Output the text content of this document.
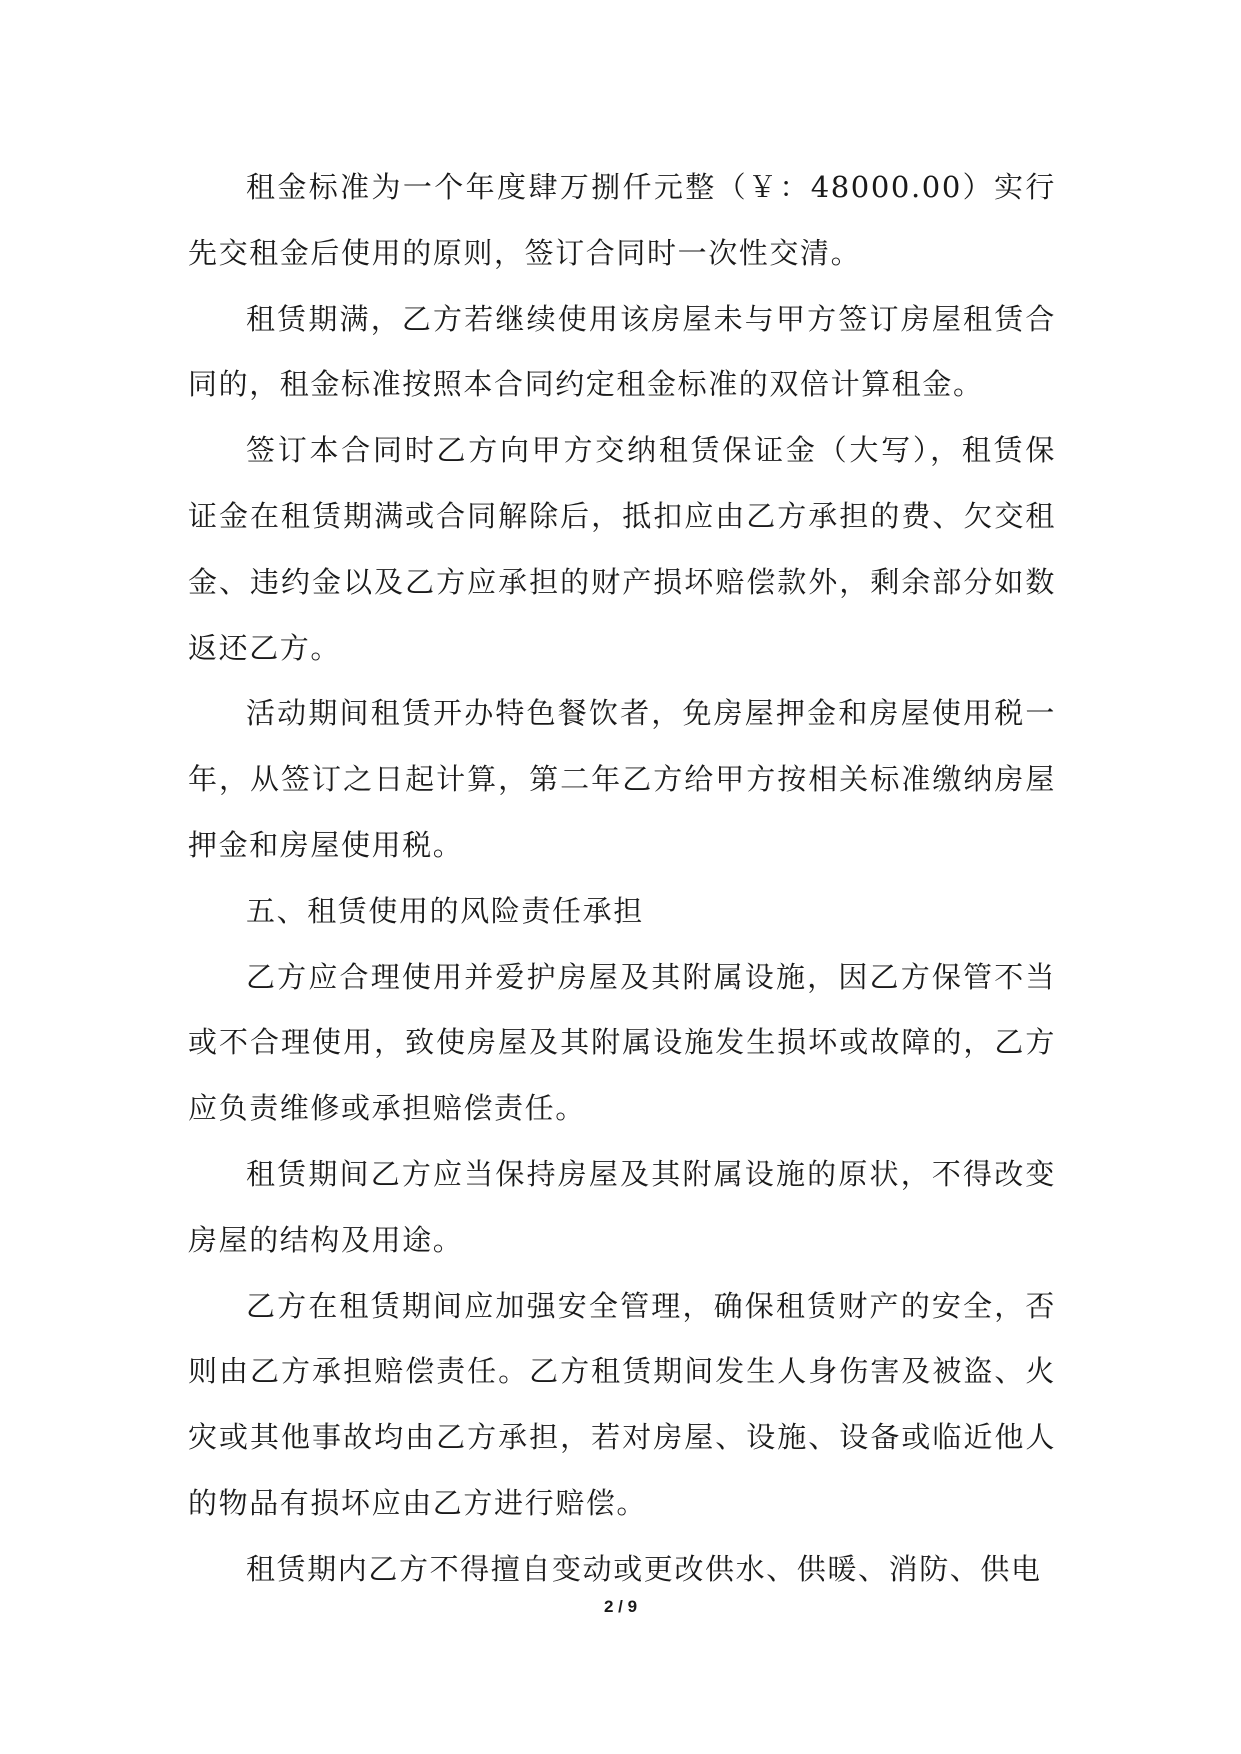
租金标准为一个年度肆万捌仟元整（￥：48000.00）实行先交租金后使用的原则，签订合同时一次性交清。

租赁期满，乙方若继续使用该房屋未与甲方签订房屋租赁合同的，租金标准按照本合同约定租金标准的双倍计算租金。

签订本合同时乙方向甲方交纳租赁保证金（大写），租赁保证金在租赁期满或合同解除后，抵扣应由乙方承担的费、欠交租金、违约金以及乙方应承担的财产损坏赔偿款外，剩余部分如数返还乙方。

活动期间租赁开办特色餐饮者，免房屋押金和房屋使用税一年，从签订之日起计算，第二年乙方给甲方按相关标准缴纳房屋押金和房屋使用税。

五、租赁使用的风险责任承担

乙方应合理使用并爱护房屋及其附属设施，因乙方保管不当或不合理使用，致使房屋及其附属设施发生损坏或故障的，乙方应负责维修或承担赔偿责任。

租赁期间乙方应当保持房屋及其附属设施的原状，不得改变房屋的结构及用途。

乙方在租赁期间应加强安全管理，确保租赁财产的安全，否则由乙方承担赔偿责任。乙方租赁期间发生人身伤害及被盗、火灾或其他事故均由乙方承担，若对房屋、设施、设备或临近他人的物品有损坏应由乙方进行赔偿。

租赁期内乙方不得擅自变动或更改供水、供暖、消防、供电

2 / 9
